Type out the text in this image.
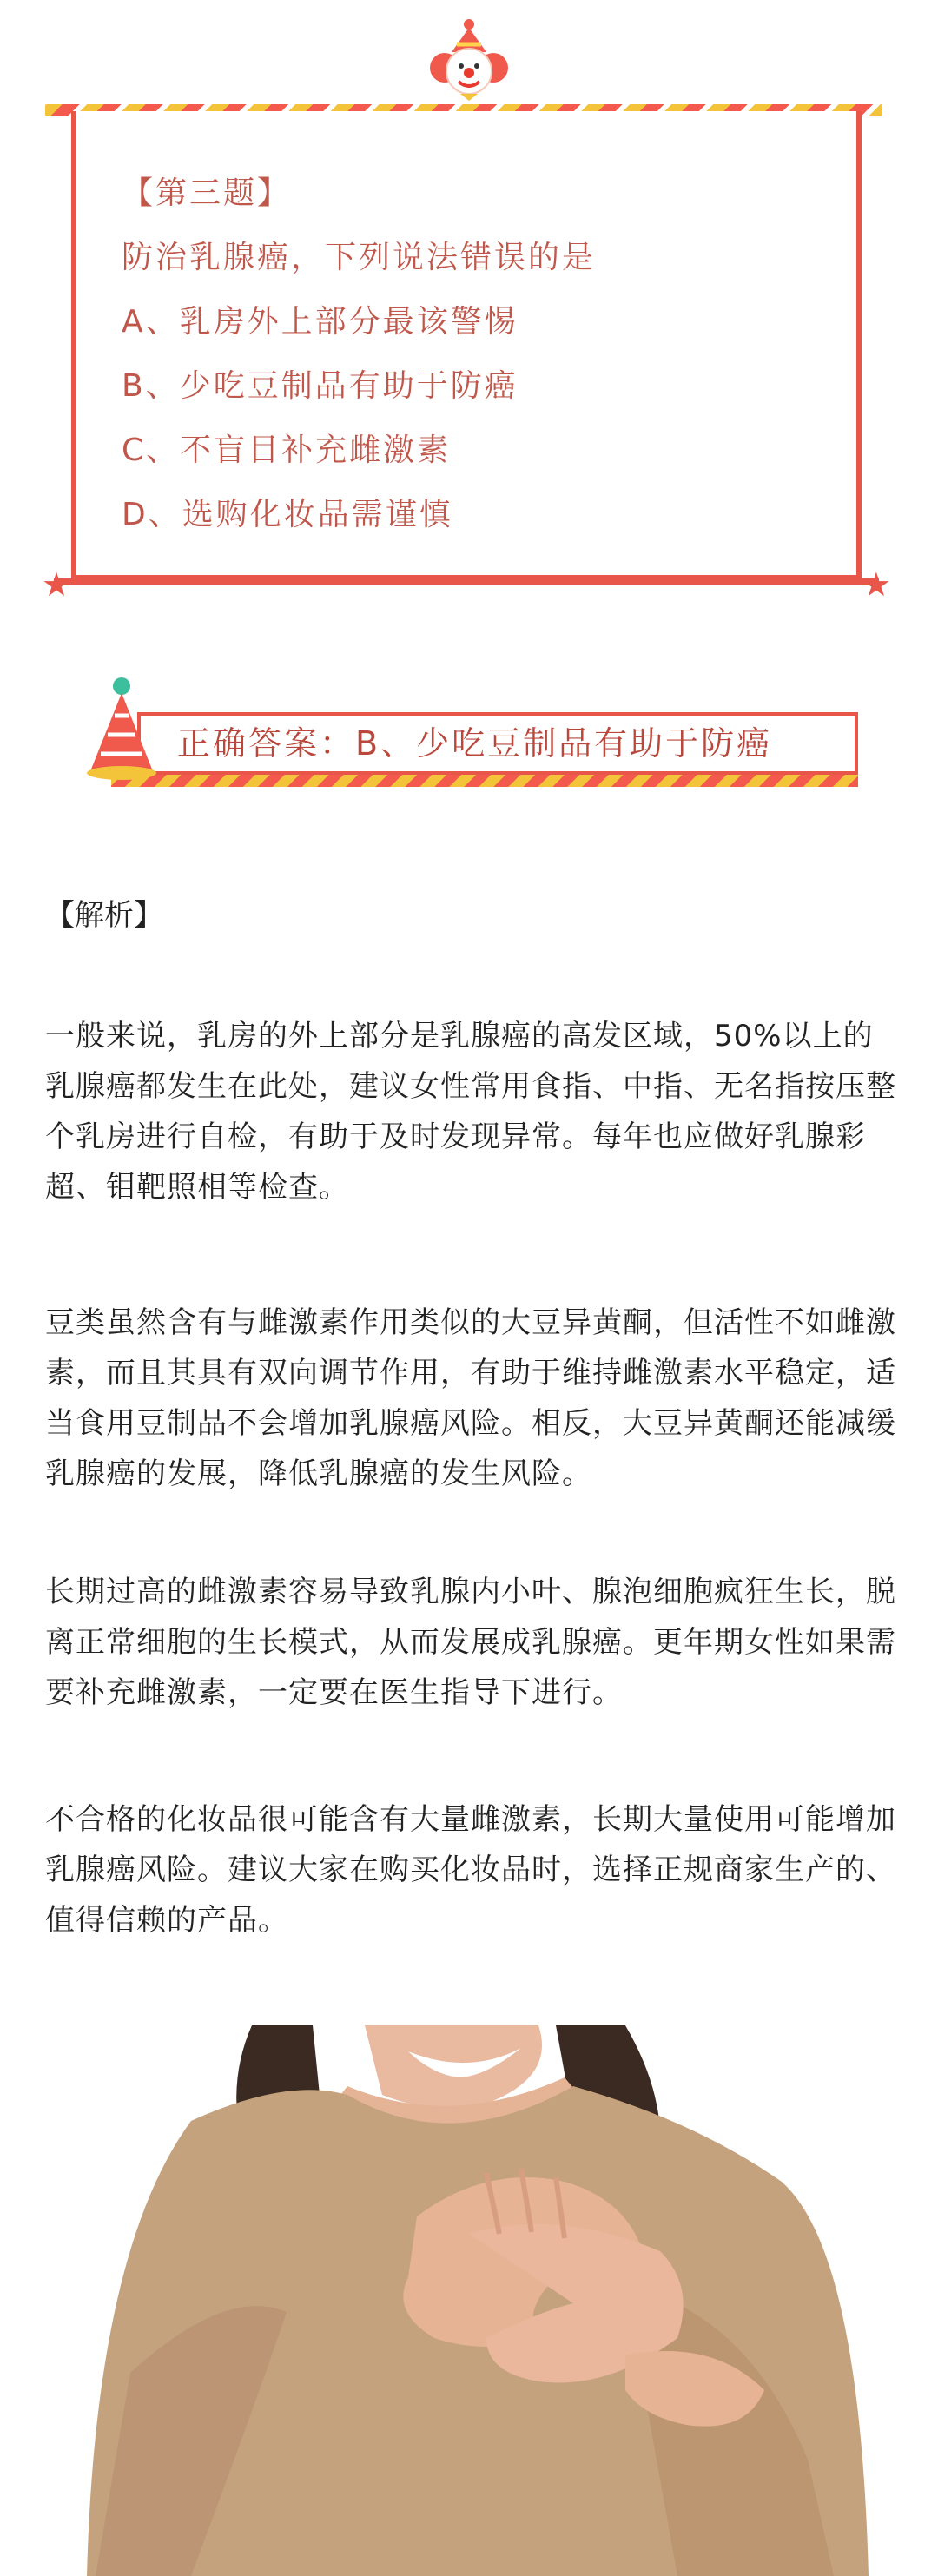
★	★
【第三题】
防治乳腺癌，下列说法错误的是
A、乳房外上部分最该警惕
B、少吃豆制品有助于防癌
C、不盲目补充雌激素
D、选购化妆品需谨慎
正确答案：B、少吃豆制品有助于防癌
【解析】
一般来说，乳房的外上部分是乳腺癌的高发区域，50%以上的乳腺癌都发生在此处，建议女性常用食指、中指、无名指按压整个乳房进行自检，有助于及时发现异常。每年也应做好乳腺彩超、钼靶照相等检查。
豆类虽然含有与雌激素作用类似的大豆异黄酮，但活性不如雌激素，而且其具有双向调节作用，有助于维持雌激素水平稳定，适当食用豆制品不会增加乳腺癌风险。相反，大豆异黄酮还能减缓乳腺癌的发展，降低乳腺癌的发生风险。
长期过高的雌激素容易导致乳腺内小叶、腺泡细胞疯狂生长，脱离正常细胞的生长模式，从而发展成乳腺癌。更年期女性如果需要补充雌激素，一定要在医生指导下进行。
不合格的化妆品很可能含有大量雌激素，长期大量使用可能增加乳腺癌风险。建议大家在购买化妆品时，选择正规商家生产的、值得信赖的产品。
大众日报
